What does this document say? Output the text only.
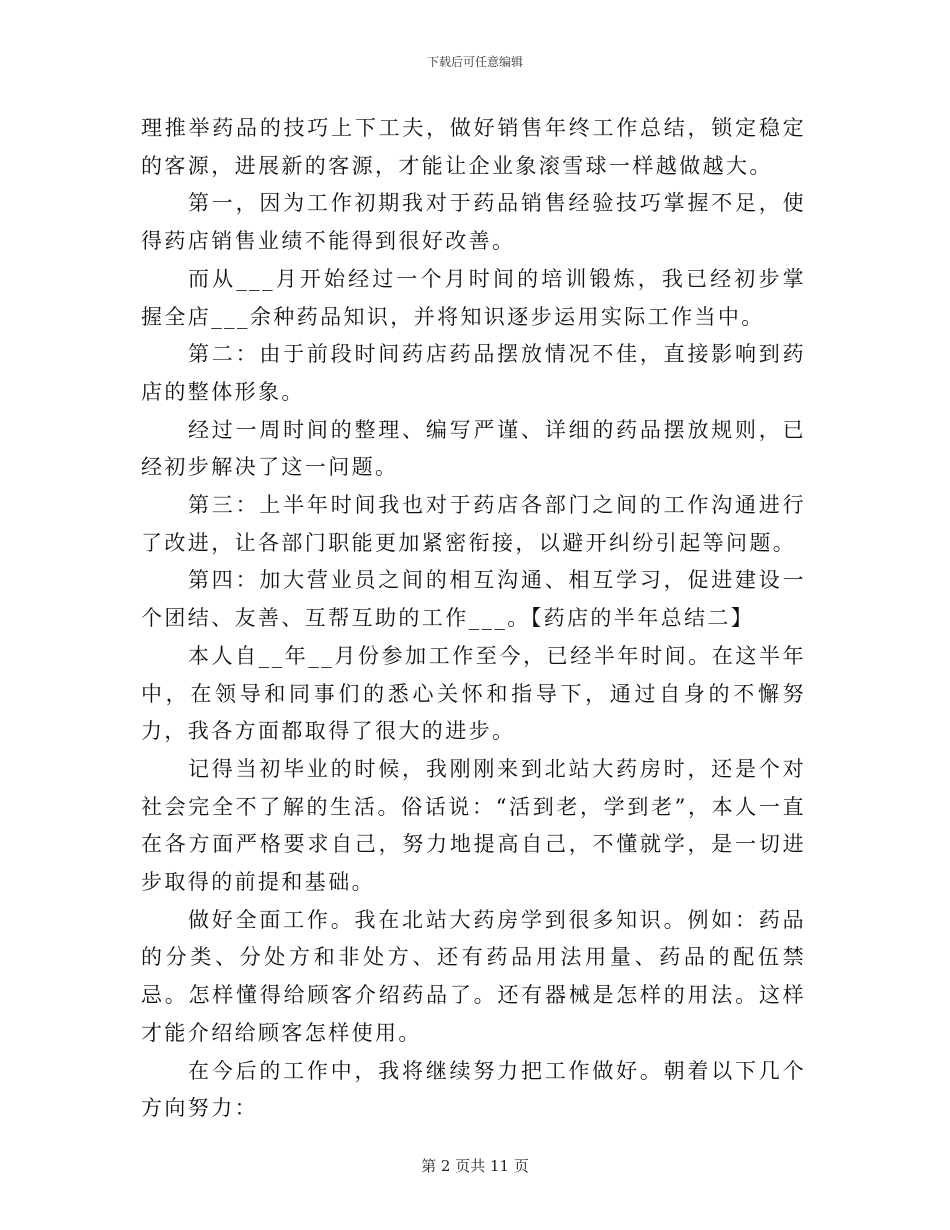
下载后可任意编辑

理推举药品的技巧上下工夫，做好销售年终工作总结，锁定稳定的客源，进展新的客源，才能让企业象滚雪球一样越做越大。

第一，因为工作初期我对于药品销售经验技巧掌握不足，使得药店销售业绩不能得到很好改善。

而从___月开始经过一个月时间的培训锻炼，我已经初步掌握全店___余种药品知识，并将知识逐步运用实际工作当中。

第二：由于前段时间药店药品摆放情况不佳，直接影响到药店的整体形象。

经过一周时间的整理、编写严谨、详细的药品摆放规则，已经初步解决了这一问题。

第三：上半年时间我也对于药店各部门之间的工作沟通进行了改进，让各部门职能更加紧密衔接，以避开纠纷引起等问题。

第四：加大营业员之间的相互沟通、相互学习，促进建设一个团结、友善、互帮互助的工作___。【药店的半年总结二】

本人自__年__月份参加工作至今，已经半年时间。在这半年中，在领导和同事们的悉心关怀和指导下，通过自身的不懈努力，我各方面都取得了很大的进步。

记得当初毕业的时候，我刚刚来到北站大药房时，还是个对社会完全不了解的生活。俗话说：“活到老，学到老”，本人一直在各方面严格要求自己，努力地提高自己，不懂就学，是一切进步取得的前提和基础。

做好全面工作。我在北站大药房学到很多知识。例如：药品的分类、分处方和非处方、还有药品用法用量、药品的配伍禁忌。怎样懂得给顾客介绍药品了。还有器械是怎样的用法。这样才能介绍给顾客怎样使用。

在今后的工作中，我将继续努力把工作做好。朝着以下几个方向努力：

第 2 页共 11 页
